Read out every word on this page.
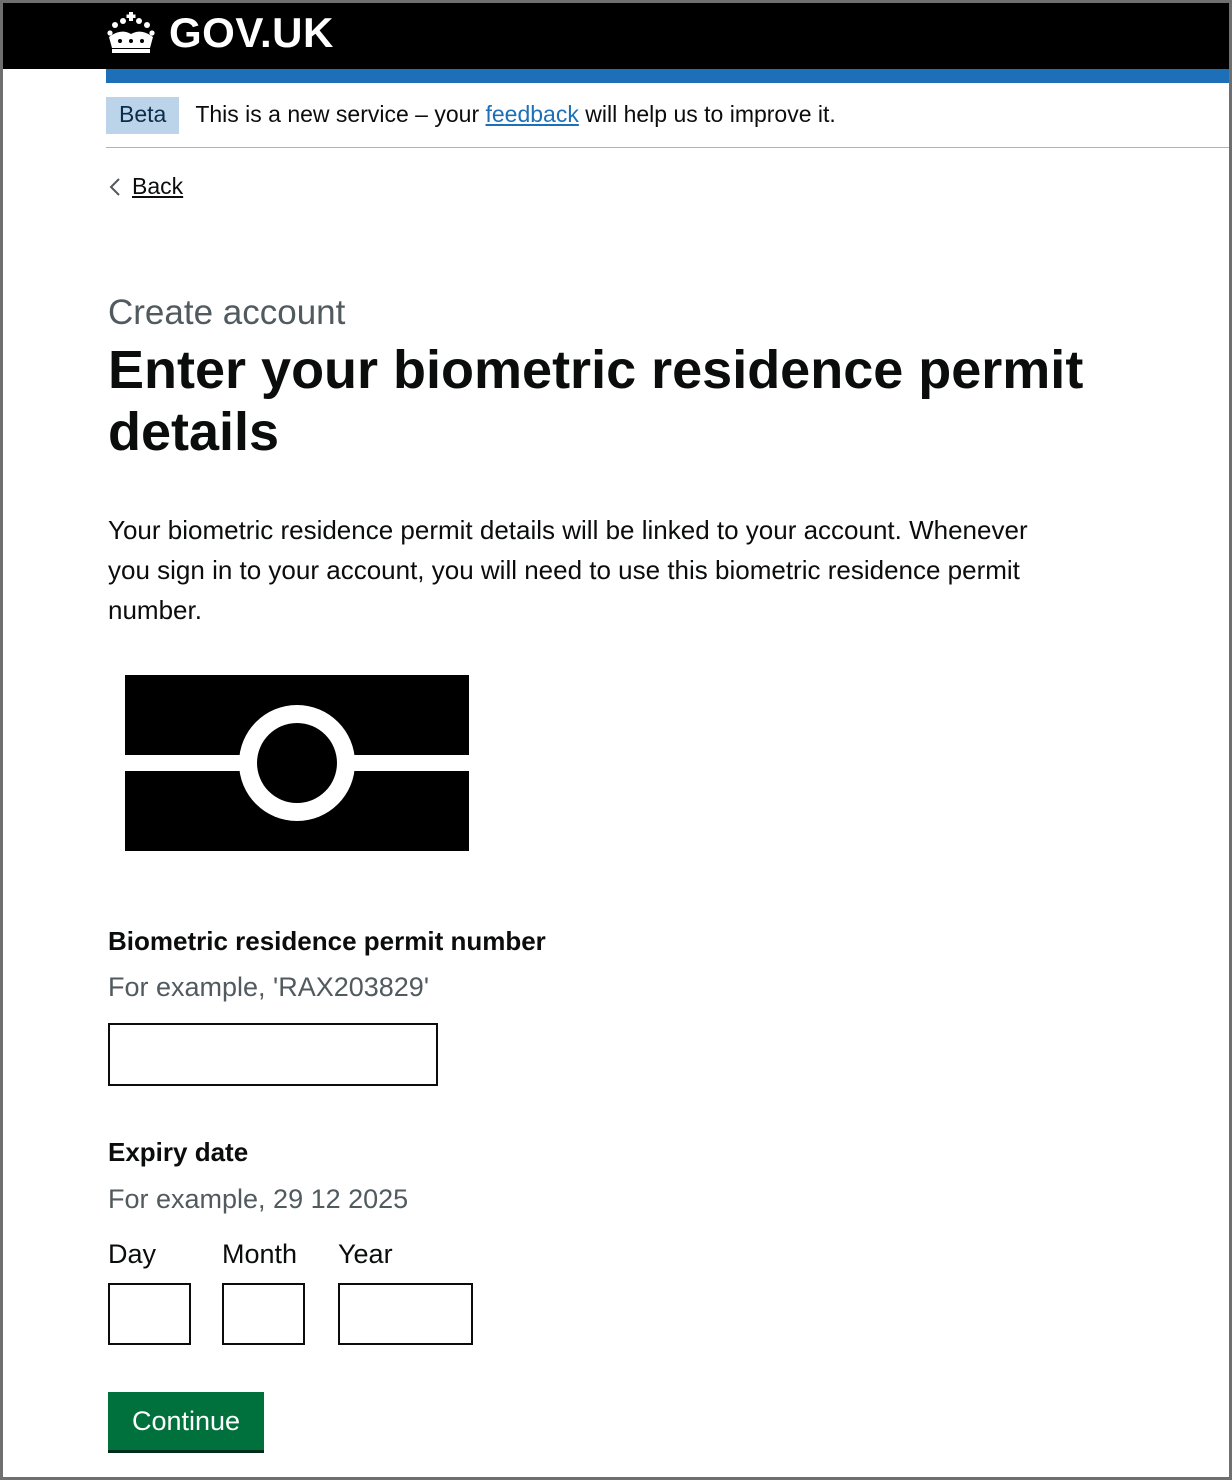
GOV.UK
Beta	This is a new service – your feedback will help us to improve it.
Back
Create account
Enter your biometric residence permit details

Your biometric residence permit details will be linked to your account. Whenever you sign in to your account, you will need to use this biometric residence permit number.

Biometric residence permit number
For example, 'RAX203829'
Expiry date
For example, 29 12 2025
Day Month Year
Continue
